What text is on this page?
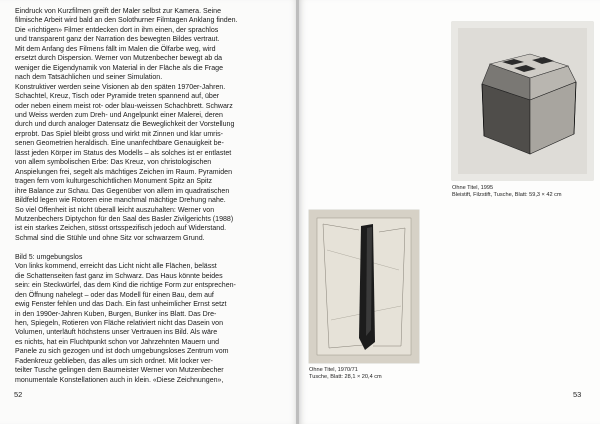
Eindruck von Kurzfilmen greift der Maler selbst zur Kamera. Seine
filmische Arbeit wird bald an den Solothurner Filmtagen Anklang finden.
Die «richtigen» Filmer entdecken dort in ihm einen, der sprachlos
und transparent ganz der Narration des bewegten Bildes vertraut.
Mit dem Anfang des Filmens fällt im Malen die Ölfarbe weg, wird
ersetzt durch Dispersion. Werner von Mutzenbecher bewegt ab da
weniger die Eigendynamik von Material in der Fläche als die Frage
nach dem Tatsächlichen und seiner Simulation.
Konstruktiver werden seine Visionen ab den späten 1970er-Jahren.
Schachtel, Kreuz, Tisch oder Pyramide treten spannend auf, über
oder neben einem meist rot- oder blau-weissen Schachbrett. Schwarz
und Weiss werden zum Dreh- und Angelpunkt einer Malerei, deren
durch und durch analoger Datensatz die Beweglichkeit der Vorstellung
erprobt. Das Spiel bleibt gross und wirkt mit Zinnen und klar umris-
senen Geometrien heraldisch. Eine unanfechtbare Genauigkeit be-
lässt jeden Körper im Status des Modells – als solches ist er entlastet
von allem symbolischen Erbe: Das Kreuz, von christologischen
Anspielungen frei, segelt als mächtiges Zeichen im Raum. Pyramiden
tragen fern vom kulturgeschichtlichen Monument Spitz an Spitz
ihre Balance zur Schau. Das Gegenüber von allem im quadratischen
Bildfeld legen wie Rotoren eine manchmal mächtige Drehung nahe.
So viel Offenheit ist nicht überall leicht auszuhalten: Werner von
Mutzenbechers Diptychon für den Saal des Basler Zivilgerichts (1988)
ist ein starkes Zeichen, stösst ortsspezifisch jedoch auf Widerstand.
Schmal sind die Stühle und ohne Sitz vor schwarzem Grund.

Bild 5: umgebungslos
Von links kommend, erreicht das Licht nicht alle Flächen, belässt
die Schattenseiten fast ganz im Schwarz. Das Haus könnte beides
sein: ein Steckwürfel, das dem Kind die richtige Form zur entsprechen-
den Öffnung nahelegt – oder das Modell für einen Bau, dem auf
ewig Fenster fehlen und das Dach. Ein fast unheimlicher Ernst setzt
in den 1990er-Jahren Kuben, Burgen, Bunker ins Blatt. Das Dre-
hen, Spiegeln, Rotieren von Fläche relativiert nicht das Dasein von
Volumen, unterläuft höchstens unser Vertrauen ins Bild. Als wäre
es nichts, hat ein Fluchtpunkt schon vor Jahrzehnten Mauern und
Panele zu sich gezogen und ist doch umgebungsloses Zentrum vom
Fadenkreuz geblieben, das alles um sich ordnet. Mit locker ver-
teilter Tusche gelingen dem Baumeister Werner von Mutzenbecher
monumentale Konstellationen auch in klein. «Diese Zeichnungen»,
52
Ohne Titel, 1995
Bleistift, Filzstift, Tusche, Blatt: 59,3 × 42 cm
Ohne Titel, 1970/71
Tusche, Blatt: 28,1 × 20,4 cm
53
